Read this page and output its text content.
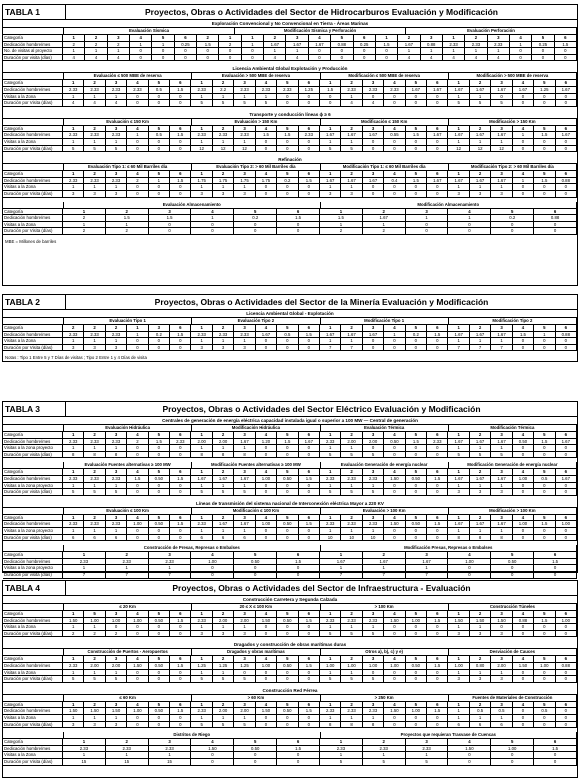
TABLA 1	Proyectos, Obras o Actividades del Sector de Hidrocarburos Evaluación y Modificación
Exploración Convencional y No Convencional en Tierra - Áreas Marinas
Evaluación Sísmica	Modificación Sísmica y Perforación	Evaluación Perforación
Categoría	1	2	3	4	5	6	2	1	1	2	3	4	5	6	1	2	3	1	2	3	4	5	6
Dedicación hombre/mes	2	2	2	1	1	0.25	1.5	2	1	1.67	1.67	1.67	0.88	0.25	1.5	1.67	0.88	2.33	2.33	2.33	1	0.25	1.5
No. de visitas al proyecto	1	1	1	0	0	0	0	0	0	1	1	0	0	0	0	1	1	1	1	1	0	0	0
Duración por visita (días)	4	4	4	0	0	0	0	0	0	4	4	0	0	0	0	4	4	4	4	4	0	0	0
Licencia Ambiental Global Explotación y Producción
Evaluación ≤ 500 MBE de reserva	Evaluación > 500 MBE de reserva	Modificación ≤ 500 MBE de reserva	Modificación > 500 MBE de reserva
Categoría	1	2	3	4	5	6	1	2	3	4	5	6	1	2	3	4	5	6	1	2	3	4	5	6
Dedicación hombre/mes	2.33	2.33	2.33	2.33	0.5	1.5	2.33	2.2	2.33	2.33	2.33	1.25	1.5	2.33	2.33	2.33	1.67	1.67	1.67	1.67	1.67	1.67	1.25	1.67
Visitas a la Zona	1	1	1	0	0	0	1	1	1	1	0	0	0	1	0	0	0	0	1	1	0	0	0	0
Duración por Visita (días)	4	4	4	0	0	0	5	5	5	5	0	0	0	4	4	0	0	0	5	5	5	0	0	0
Transporte y conducción líneas ϕ ≥ 6
Evaluación ≤ 150 Km	Evaluación > 150 Km	Modificación ≤ 150 Km	Modificación > 150 Km
Categoría	1	2	3	4	5	6	1	2	3	4	5	6	1	2	3	4	5	6	1	2	3	4	5	6
Dedicación hombre/mes	2.33	2.33	2.33	1	0.5	1.5	2.33	2.33	2.33	1.5	1.5	2.33	1.67	1.67	1.67	0.55	1.5	1.67	1.67	1.67	1.67	1	1.5	1.67
Visitas a la Zona	1	1	1	0	0	0	1	1	1	0	0	0	1	1	0	0	0	0	1	1	1	0	0	0
Duración por Visita (días)	5	5	5	0	0	0	12	12	12	0	0	0	5	5	0	0	0	0	12	12	12	0	0	0
Refinación
Evaluación Tipo 1: ≤ 60 Mil Barriles día	Evaluación Tipo 2: > 60 Mil Barriles día	Modificación Tipo 1: ≤ 60 Mil Barriles día	Modificación Tipo 2: > 60 Mil Barriles día
Categoría	1	2	3	4	5	6	1	2	3	4	5	6	1	2	3	4	5	6	1	2	3	4	5	6
Dedicación hombre/mes	2.33	2.33	2.33	2	1	1.5	1.75	1.75	1.75	1.75	0.2	1.5	1.67	1.67	1.67	0.4	1.5	1.67	1.67	1.67	1.67	1	1.5	0.88
Visitas a la Zona	1	1	1	0	0	0	1	1	1	0	0	0	1	1	0	0	0	0	1	1	1	0	0	0
Duración por Visita (días)	3	3	3	0	0	0	3	3	3	0	0	0	3	3	0	0	0	0	3	3	3	0	0	0
Evaluación Almacenamiento	Modificación Almacenamiento
Categoría	1	2	3	4	5	6	1	2	3	4	5	6
Dedicación hombre/mes	2	1.5	1.5	1	0.2	1.5	1.5	1.67	1	1	0.2	0.88
Visitas a la Zona	1	1	0	0	0	0	1	1	0	0	0	0
Duración por Visita (días)	2	2	0	0	0	0	2	2	0	0	0	0
MBE = Millones de barriles
TABLA 2	Proyectos, Obras o Actividades del Sector de la Minería Evaluación y Modificación
Licencia Ambiental Global - Explotación
Evaluación Tipo 1	Evaluación Tipo 2	Modificación Tipo 1	Modificación Tipo 2
Categoría	2	2	2	1	3	6	1	2	3	4	5	6	1	2	3	4	5	6	1	2	3	4	5	6
Dedicación hombre/mes	2.33	2.33	2.33	1	0.2	1.5	2.33	2.33	2.33	1.67	0.5	1.5	1.67	1.67	1.67	1	0.2	1.5	1.67	1.67	1.67	1.5	1	0.88
Visitas a la Zona	1	1	1	0	0	0	1	1	1	0	0	0	1	1	0	0	0	0	1	1	1	0	0	0
Duración por Visita (días)	3	3	3	0	0	0	3	3	3	0	0	0	7	7	0	0	0	0	7	7	7	0	0	0
Notas : Tipo 1 Entre 5 y 7 Días de visitas ; Tipo 2 Entre 1 y 4 Días de visita
TABLA 3	Proyectos, Obras o Actividades del Sector Eléctrico Evaluación y Modificación
Centrales de generación de energía eléctrica capacidad instalada igual o superior a 100 MW — Central de generación
Evaluación Hidráulica	Modificación Hidráulica	Evaluación Térmica	Modificación Térmica
Categoría	1	2	3	4	5	6	1	2	3	4	5	6	1	2	3	4	5	6	1	2	3	4	5	6
Dedicación hombre/mes	2.33	2.33	2.33	2	1.5	2.33	2.00	2.00	1.67	1.20	1.5	1.67	2.33	2.00	2.00	0.50	1.5	2.33	1.67	1.67	1.67	0.50	1.5	1.67
Visitas a la zona proyecto	1	1	1	0	0	0	1	1	1	0	0	0	1	1	0	0	0	0	1	1	1	0	0	0
Duración por visita (días)	8	8	8	0	0	0	8	8	8	0	0	0	5	5	5	0	0	0	5	5	5	0	0	0
Evaluación Fuentes alternativas ≥ 100 MW	Modificación Fuentes alternativas ≥ 100 MW	Evaluación Generación de energía nuclear	Modificación Generación de energía nuclear
Categoría	1	2	3	4	5	6	1	2	3	4	5	6	1	2	3	4	5	6	1	2	3	4	5	6
Dedicación hombre/mes	2.33	2.33	2.33	1.5	0.50	1.5	1.67	1.67	1.67	1.00	0.50	1.5	2.33	2.33	2.33	1.50	0.50	1.5	1.67	1.67	1.67	1.00	0.5	1.67
Visitas a la zona proyecto	1	1	1	0	0	0	1	1	1	0	0	0	1	1	1	0	0	0	1	1	1	0	0	0
Duración por visita (días)	5	5	5	0	0	0	5	5	5	0	0	0	5	5	5	0	0	0	3	3	3	0	0	0
Líneas de transmisión del sistema nacional de Interconexión eléctrica Mayor a 220 KV
Evaluación ≤ 100 Km	Modificación ≤ 100 Km	Evaluación > 100 Km	Modificación > 100 Km
Categoría	1	2	3	4	5	6	1	2	3	4	5	6	1	2	3	4	5	6	1	2	3	4	5	6
Dedicación hombre/mes	2.33	2.33	2.33	1.00	0.50	1.5	2.33	1.67	1.67	1.00	0.50	1.5	2.33	2.33	2.33	1.50	0.50	1.5	1.67	1.67	1.67	1.00	1.5	1.00
Visitas a la zona proyecto	1	1	1	0	0	0	1	1	1	0	0	0	1	1	1	0	0	0	1	1	1	0	0	0
Duración por visita (días)	6	6	6	0	0	0	6	6	6	0	0	0	10	10	10	0	0	0	8	8	8	0	0	0
Construcción de Presas, Represas o Embalses	Modificación Presas, Represas o Embalses
Categoría	1	2	3	4	5	6	1	2	3	4	5	6
Dedicación hombre/mes	2.33	2.33	2.33	1.00	0.50	1.5	1.67	1.67	1.67	1.00	0.50	1.5
Visitas a la zona proyecto	1	1	1	0	0	0	1	1	1	0	0	0
Duración por visita (días)	7	7	7	0	0	0	7	7	7	0	0	0
TABLA 4	Proyectos, Obras o Actividades del Sector de Infraestructura - Evaluación
Construcción Carretera y Segunda Calzada
≤ 20 Km	20 ≤ X ≤ 100 Km	> 100 Km	Construcción Túneles
Categoría	1	5	3	4	5	6	1	2	3	4	5	6	1	2	3	4	5	6	1	2	3	4	5	6
Dedicación hombre/mes	1.50	1.00	1.00	1.00	0.50	1.5	2.33	2.00	2.00	1.50	0.50	1.5	2.33	2.33	2.33	1.50	1.00	1.5	1.50	1.50	1.50	0.88	1.5	1.00
Visitas a la Zona	1	1	0	0	0	0	1	1	1	0	0	0	1	1	1	0	0	0	1	1	0	0	0	0
Duración por Visita (días)	2	2	2	0	0	0	3	3	3	0	0	0	5	5	5	0	0	0	3	3	3	0	0	0
Dragados y construcción de obras marítimas duras
Construcción de Puertos - Aeropuertos	Dragados y obras marítimas	Otros a), b), c) y e)	Desviación de Cauces
Categoría	1	2	3	4	5	6	1	2	3	4	5	6	1	2	3	4	5	6	1	2	3	4	5	6
Dedicación hombre/mes	2.33	2.00	2.00	1.50	0.50	1.5	1.25	1.25	1.25	1.00	0.50	1.5	1.00	1.00	1.00	1.00	0.50	1.5	1.00	0.80	2.00	1.50	1.00	0.88
Visitas a la Zona	1	1	1	0	0	0	1	1	0	0	0	0	1	1	0	0	0	0	1	1	1	0	0	0
Duración por Visita (días)	5	5	5	0	0	0	5	5	5	0	0	0	5	5	5	0	0	0	3	3	3	0	0	0
Construcción Red Férrea
≤ 60 Km	> 60 Km	> 250 Km	Fuentes de Materiales de Construcción
Categoría	1	2	3	4	5	6	1	2	3	4	5	6	1	2	3	4	5	6	1	2	3	4	5	6
Dedicación hombre/mes	1.50	1.50	1.50	1.00	0.50	1.5	2.33	2.00	2.00	1.50	0.50	1.5	2.33	2.33	2.33	1.50	1.00	1.5	1	0.5	0.5	0	0.5	0
Visitas a la Zona	1	1	1	0	0	0	1	1	1	0	0	0	1	1	1	0	0	0	1	1	1	0	0	0
Duración por Visita (días)	3	3	3	0	0	0	5	5	5	0	0	0	8	8	8	0	0	0	6	6	6	0	0	0
Distritos de Riego	Proyectos que requieran Trasvase de Cuencas
Categoría	1	2	3	4	5	6	1	2	3	4	5	6
Dedicación hombre/mes	2.33	2.33	2.33	1.50	0.50	1.5	2.33	2.33	2.33	1.50	1.00	1.5
Visitas a la Zona	1	1	1	0	0	0	1	1	1	0	0	0
Duración por Visita (días)	15	15	15	0	0	0	5	5	5	0	0	0
